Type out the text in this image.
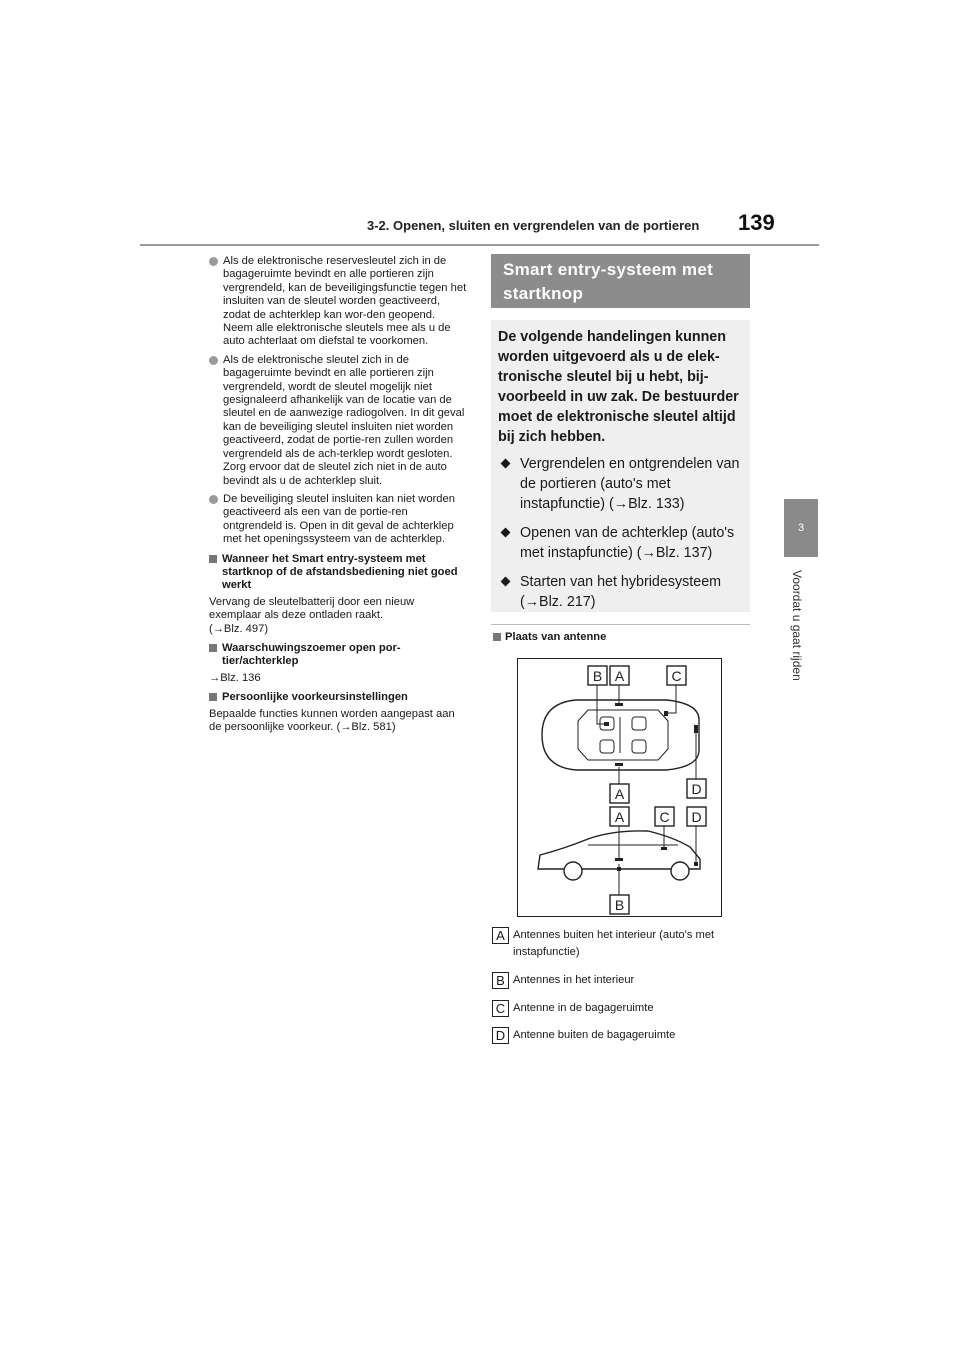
3-2. Openen, sluiten en vergrendelen van de portieren 139
3
Voordat u gaat rijden
Als de elektronische reservesleutel zich in de bagageruimte bevindt en alle portieren zijn vergrendeld, kan de beveiligingsfunctie tegen het insluiten van de sleutel worden geactiveerd, zodat de achterklep kan wor-den geopend. Neem alle elektronische sleutels mee als u de auto achterlaat om diefstal te voorkomen.
Als de elektronische sleutel zich in de bagageruimte bevindt en alle portieren zijn vergrendeld, wordt de sleutel mogelijk niet gesignaleerd afhankelijk van de locatie van de sleutel en de aanwezige radiogolven. In dit geval kan de beveiliging sleutel insluiten niet worden geactiveerd, zodat de portie-ren zullen worden vergrendeld als de ach-terklep wordt gesloten. Zorg ervoor dat de sleutel zich niet in de auto bevindt als u de achterklep sluit.
De beveiliging sleutel insluiten kan niet worden geactiveerd als een van de portie-ren ontgrendeld is. Open in dit geval de achterklep met het openingssysteem van de achterklep.
Wanneer het Smart entry-systeem met startknop of de afstandsbediening niet goed werkt
Vervang de sleutelbatterij door een nieuw exemplaar als deze ontladen raakt.
(→Blz. 497)
Waarschuwingszoemer open por-tier/achterklep
→Blz. 136
Persoonlijke voorkeursinstellingen
Bepaalde functies kunnen worden aangepast aan de persoonlijke voorkeur. (→Blz. 581)
Smart entry-systeem met startknop
De volgende handelingen kunnen worden uitgevoerd als u de elek-tronische sleutel bij u hebt, bij-voorbeeld in uw zak. De bestuurder moet de elektronische sleutel altijd bij zich hebben.
Vergrendelen en ontgrendelen van de portieren (auto's met instapfunctie) (→Blz. 133)
Openen van de achterklep (auto's met instapfunctie) (→Blz. 137)
Starten van het hybridesysteem (→Blz. 217)
Plaats van antenne
B A	C
A	D
A	C D
B
A Antennes buiten het interieur (auto's met instapfunctie)
B Antennes in het interieur
C Antenne in de bagageruimte
D Antenne buiten de bagageruimte
